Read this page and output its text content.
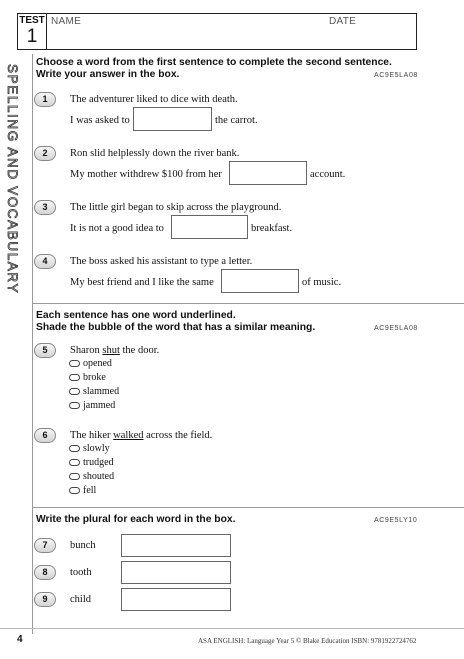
TEST
1
NAME	DATE
SPELLING AND VOCABULARY
Choose a word from the first sentence to complete the second sentence.
Write your answer in the box.	AC9E5LA08
1	The adventurer liked to dice with death.
I was asked to	the carrot.
2	Ron slid helplessly down the river bank.
My mother withdrew $100 from her	account.
3	The little girl began to skip across the playground.
It is not a good idea to	breakfast.
4	The boss asked his assistant to type a letter.
My best friend and I like the same	of music.
Each sentence has one word underlined.
Shade the bubble of the word that has a similar meaning.	AC9E5LA08
5	Sharon shut the door.
opened
broke
slammed
jammed
6	The hiker walked across the field.
slowly
trudged
shouted
fell
Write the plural for each word in the box.	AC9E5LY10
7	bunch
8	tooth
9	child
4	ASA ENGLISH: Language Year 5 © Blake Education ISBN: 9781922724762
